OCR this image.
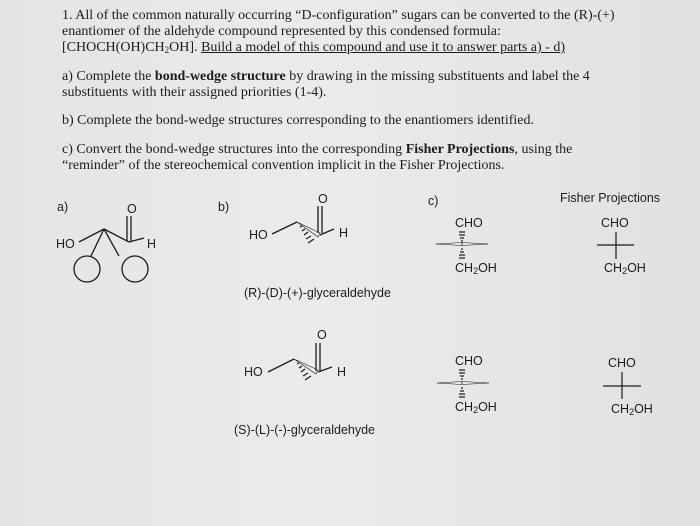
1. All of the common naturally occurring “D-configuration” sugars can be converted to the (R)-(+)
enantiomer of the aldehyde compound represented by this condensed formula:
$[CHOCH(OH)CH_2OH]$. Build a model of this compound and use it to answer parts a) - d)
a) Complete the bond-wedge structure by drawing in the missing substituents and label the 4
substituents with their assigned priorities (1-4).
b) Complete the bond-wedge structures corresponding to the enantiomers identified.
c) Convert the bond-wedge structures into the corresponding Fisher Projections, using the
“reminder” of the stereochemical convention implicit in the Fisher Projections.
a)	b)	c)	Fisher Projections
HO
O
H
HO
O
H
(R)-(D)-(+)-glyceraldehyde
HO
O
H
(S)-(L)-(-)-glyceraldehyde
CHO
$CH_2OH$
CHO
$CH_2OH$
CHO
$CH_2OH$
CHO
$CH_2OH$
